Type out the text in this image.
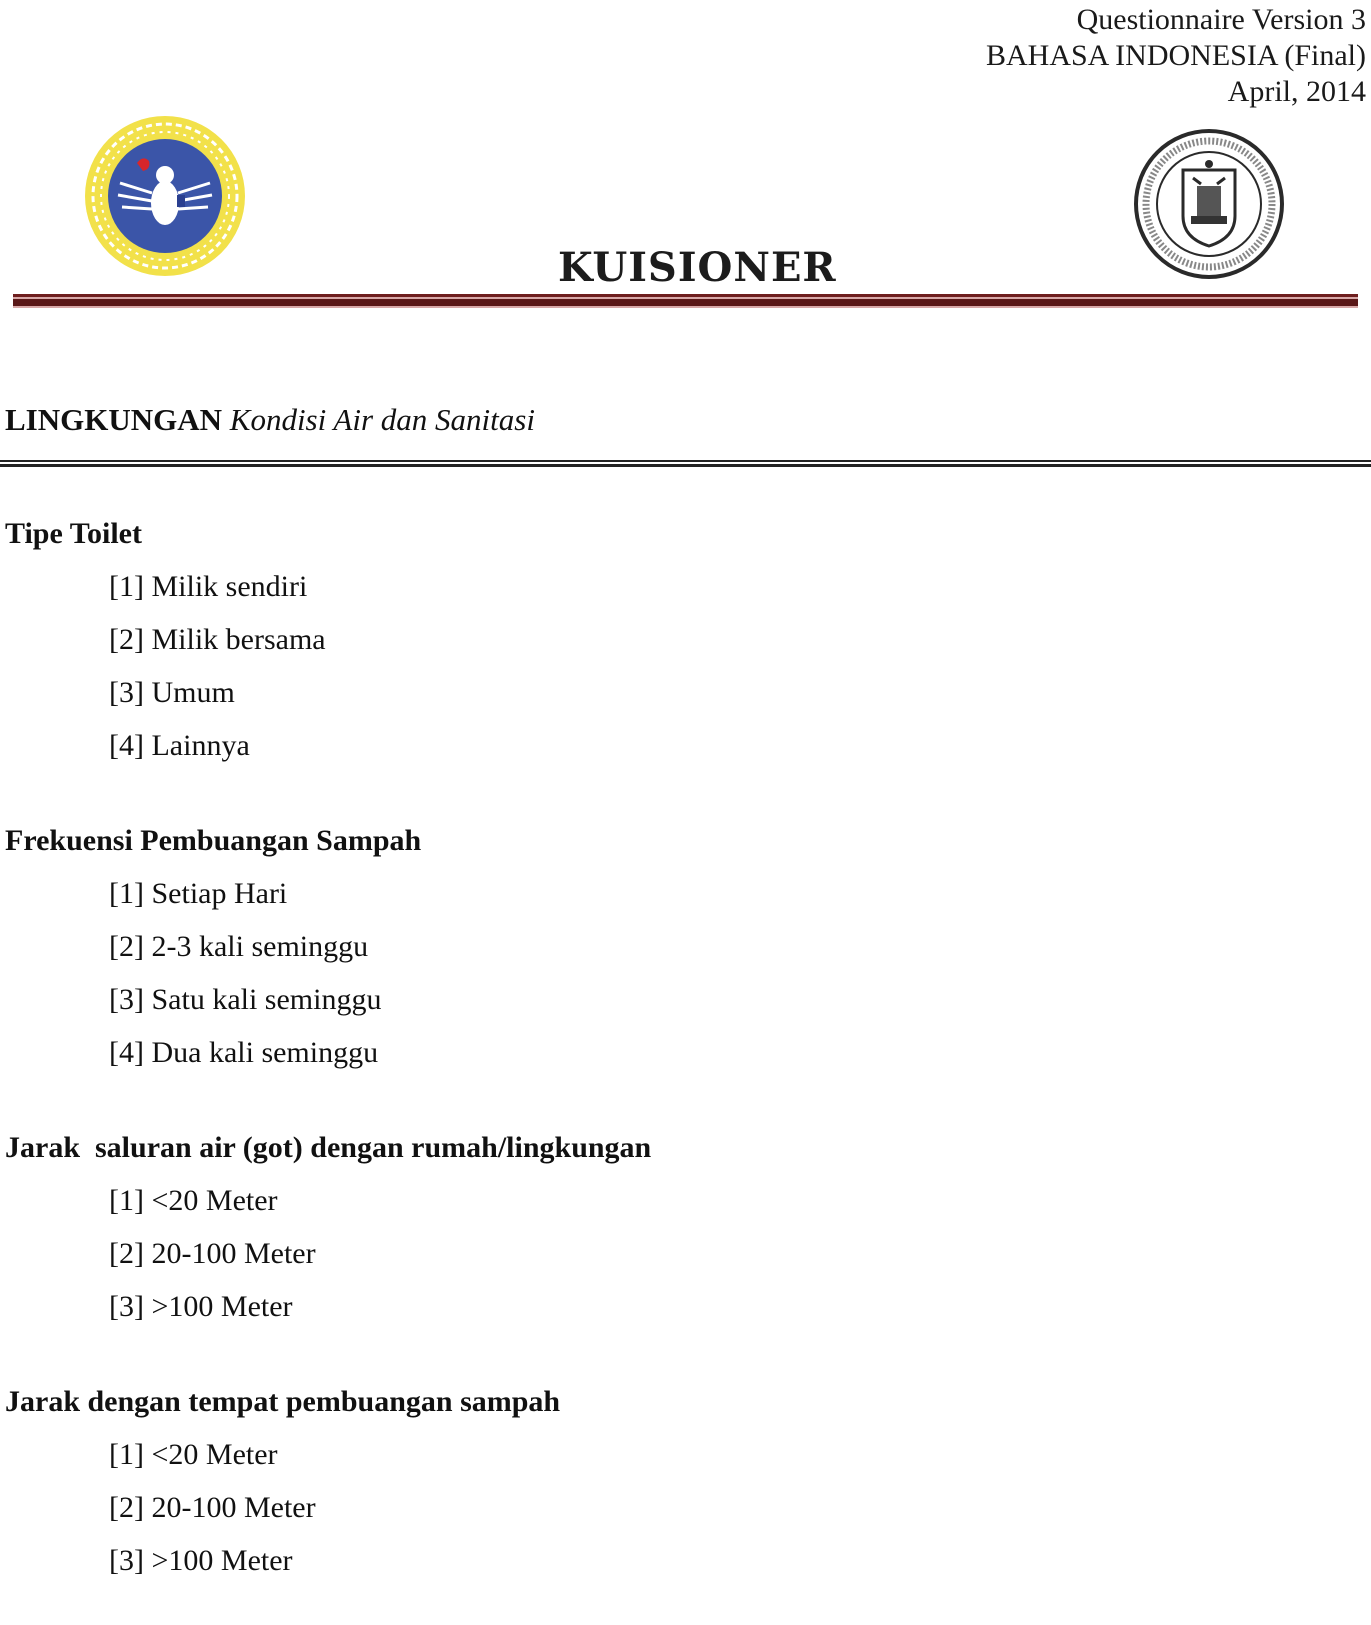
Questionnaire Version 3
BAHASA INDONESIA (Final)
April, 2014
KUISIONER
LINGKUNGAN Kondisi Air dan Sanitasi
Tipe Toilet
[1] Milik sendiri
[2] Milik bersama
[3] Umum
[4] Lainnya
Frekuensi Pembuangan Sampah
[1] Setiap Hari
[2] 2-3 kali seminggu
[3] Satu kali seminggu
[4] Dua kali seminggu
Jarak  saluran air (got) dengan rumah/lingkungan
[1] <20 Meter
[2] 20-100 Meter
[3] >100 Meter
Jarak dengan tempat pembuangan sampah
[1] <20 Meter
[2] 20-100 Meter
[3] >100 Meter
